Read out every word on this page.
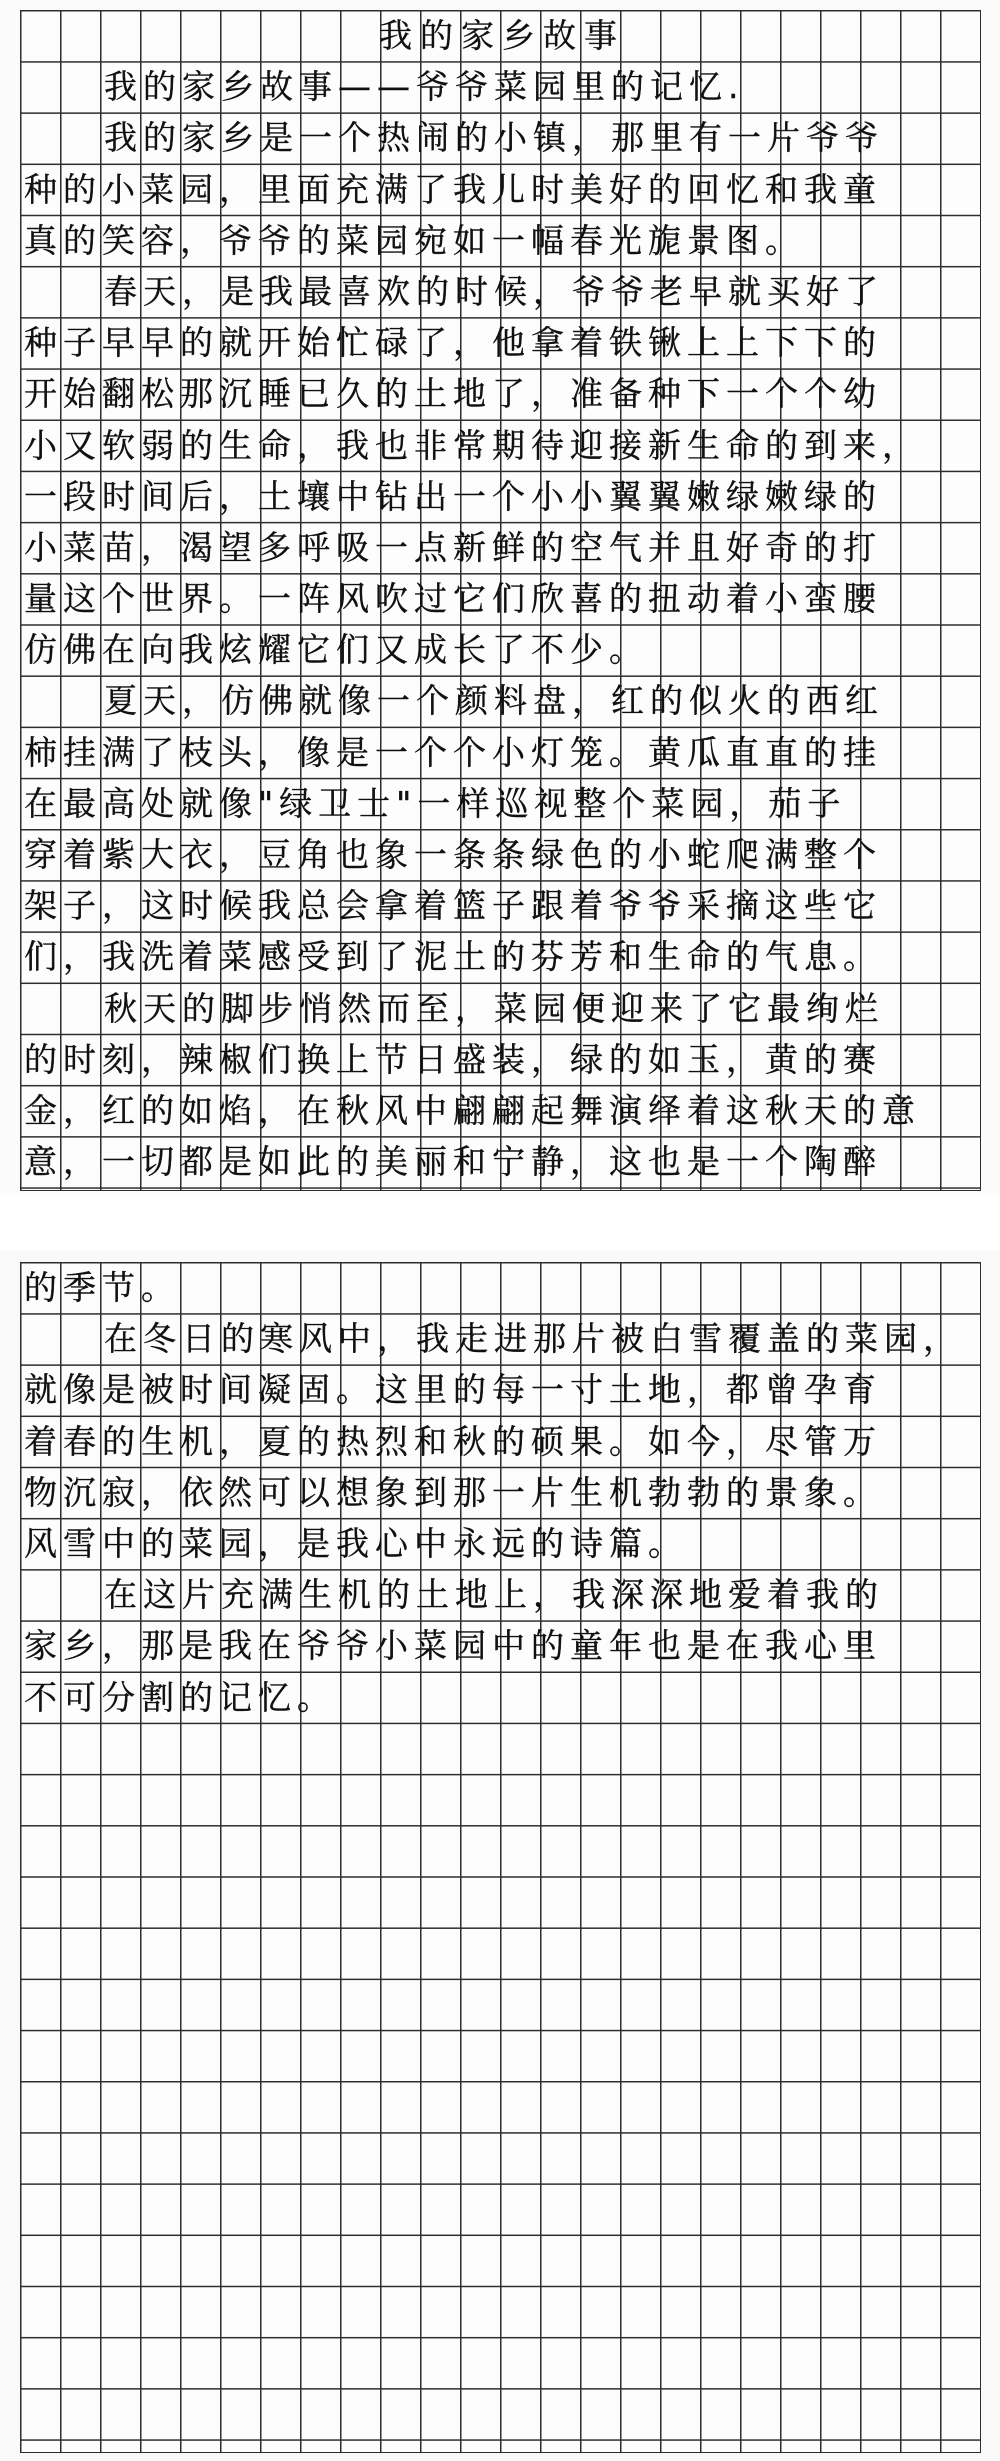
我的家乡故事
我的家乡故事——爷爷菜园里的记忆.
我的家乡是一个热闹的小镇，那里有一片爷爷
种的小菜园，里面充满了我儿时美好的回忆和我童
真的笑容，爷爷的菜园宛如一幅春光旎景图。
春天，是我最喜欢的时候，爷爷老早就买好了
种子早早的就开始忙碌了，他拿着铁锹上上下下的
开始翻松那沉睡已久的土地了，准备种下一个个幼
小又软弱的生命，我也非常期待迎接新生命的到来，
一段时间后，土壤中钻出一个小小翼翼嫩绿嫩绿的
小菜苗，渴望多呼吸一点新鲜的空气并且好奇的打
量这个世界。一阵风吹过它们欣喜的扭动着小蛮腰
仿佛在向我炫耀它们又成长了不少。
夏天，仿佛就像一个颜料盘，红的似火的西红
柿挂满了枝头，像是一个个小灯笼。黄瓜直直的挂
在最高处就像"绿卫士"一样巡视整个菜园，茄子
穿着紫大衣，豆角也象一条条绿色的小蛇爬满整个
架子，这时候我总会拿着篮子跟着爷爷采摘这些它
们，我洗着菜感受到了泥土的芬芳和生命的气息。
秋天的脚步悄然而至，菜园便迎来了它最绚烂
的时刻，辣椒们换上节日盛装，绿的如玉，黄的赛
金，红的如焰，在秋风中翩翩起舞演绎着这秋天的意
意，一切都是如此的美丽和宁静，这也是一个陶醉
的季节。
在冬日的寒风中，我走进那片被白雪覆盖的菜园，
就像是被时间凝固。这里的每一寸土地，都曾孕育
着春的生机，夏的热烈和秋的硕果。如今，尽管万
物沉寂，依然可以想象到那一片生机勃勃的景象。
风雪中的菜园，是我心中永远的诗篇。
在这片充满生机的土地上，我深深地爱着我的
家乡，那是我在爷爷小菜园中的童年也是在我心里
不可分割的记忆。
